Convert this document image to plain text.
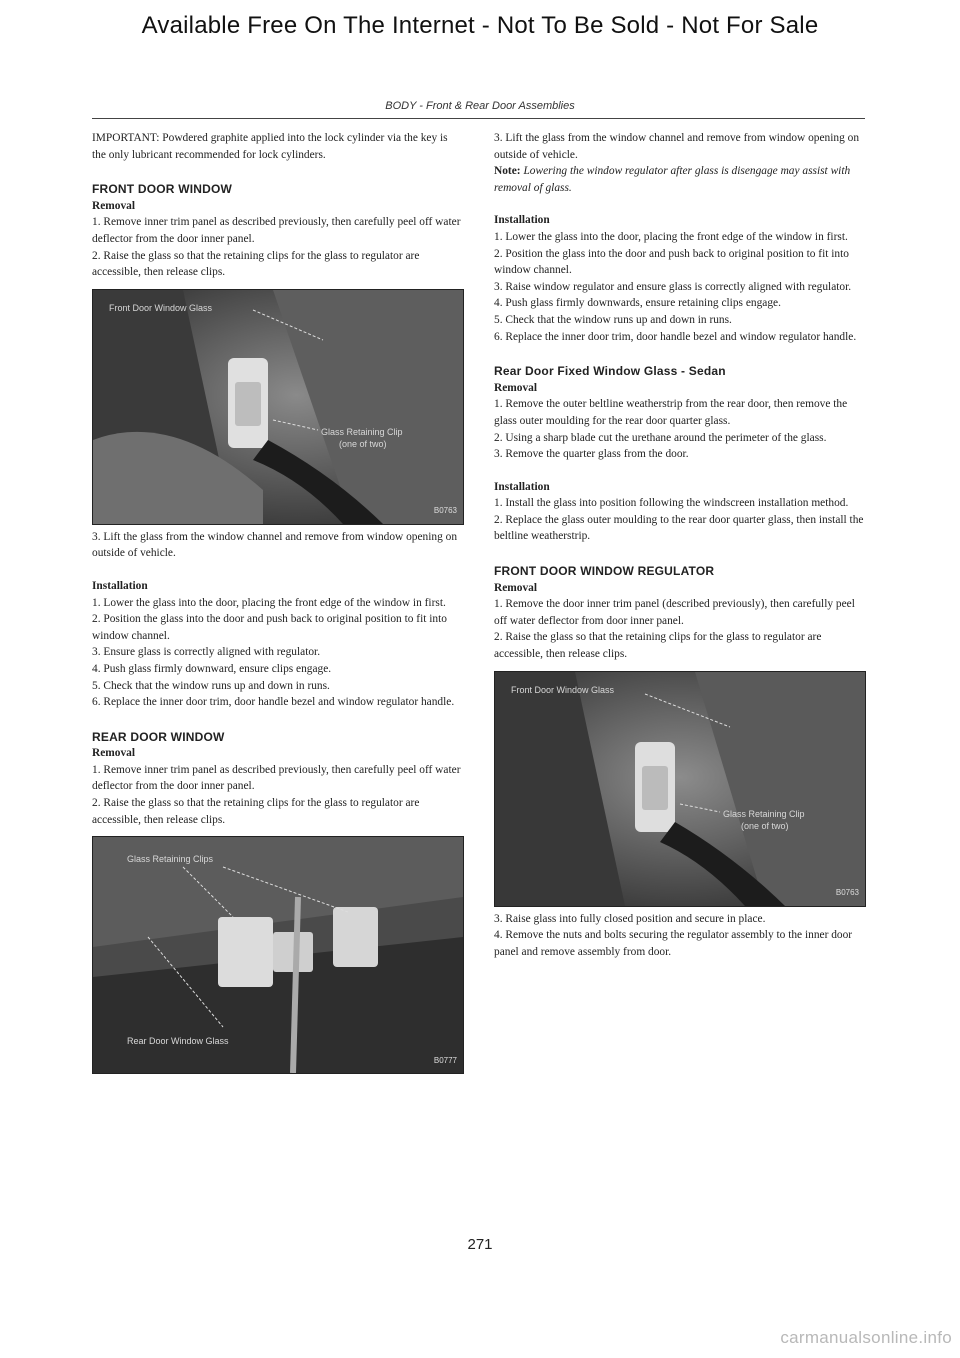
Available Free On The Internet - Not To Be Sold - Not For Sale
BODY - Front & Rear Door Assemblies

IMPORTANT: Powdered graphite applied into the lock cylinder via the key is the only lubricant recommended for lock cylinders.

FRONT DOOR WINDOW

Removal

1. Remove inner trim panel as described previously, then carefully peel off water deflector from the door inner panel.

2. Raise the glass so that the retaining clips for the glass to regulator are accessible, then release clips.

Front Door Window Glass
Glass Retaining Clip
(one of two)
B0763

3. Lift the glass from the window channel and remove from window opening on outside of vehicle.

Installation

1. Lower the glass into the door, placing the front edge of the window in first.

2. Position the glass into the door and push back to original position to fit into window channel.

3. Ensure glass is correctly aligned with regulator.

4. Push glass firmly downward, ensure clips engage.

5. Check that the window runs up and down in runs.

6. Replace the inner door trim, door handle bezel and window regulator handle.

REAR DOOR WINDOW

Removal

1. Remove inner trim panel as described previously, then carefully peel off water deflector from the door inner panel.

2. Raise the glass so that the retaining clips for the glass to regulator are accessible, then release clips.

Glass Retaining Clips
Rear Door Window Glass
B0777

3. Lift the glass from the window channel and remove from window opening on outside of vehicle.

Note: Lowering the window regulator after glass is disengage may assist with removal of glass.

Installation

1. Lower the glass into the door, placing the front edge of the window in first.

2. Position the glass into the door and push back to original position to fit into window channel.

3. Raise window regulator and ensure glass is correctly aligned with regulator.

4. Push glass firmly downwards, ensure retaining clips engage.

5. Check that the window runs up and down in runs.

6. Replace the inner door trim, door handle bezel and window regulator handle.

Rear Door Fixed Window Glass - Sedan

Removal

1. Remove the outer beltline weatherstrip from the rear door, then remove the glass outer moulding for the rear door quarter glass.

2. Using a sharp blade cut the urethane around the perimeter of the glass.

3. Remove the quarter glass from the door.

Installation

1. Install the glass into position following the windscreen installation method.

2. Replace the glass outer moulding to the rear door quarter glass, then install the beltline weatherstrip.

FRONT DOOR WINDOW REGULATOR

Removal

1. Remove the door inner trim panel (described previously), then carefully peel off water deflector from door inner panel.

2. Raise the glass so that the retaining clips for the glass to regulator are accessible, then release clips.

Front Door Window Glass
Glass Retaining Clip
(one of two)
B0763

3. Raise glass into fully closed position and secure in place.

4. Remove the nuts and bolts securing the regulator assembly to the inner door panel and remove assembly from door.

271
carmanualsonline.info
